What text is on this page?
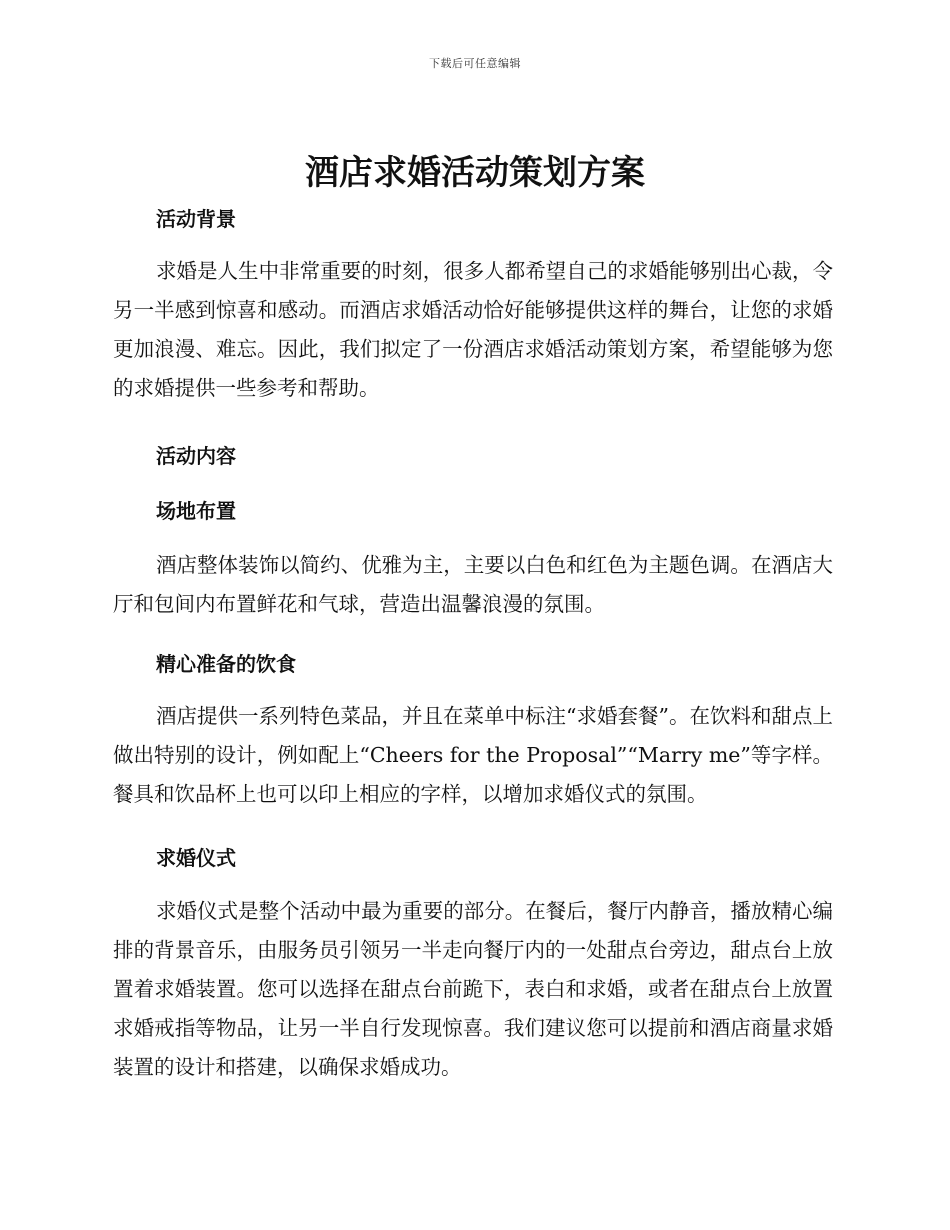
下载后可任意编辑
酒店求婚活动策划方案
活动背景

求婚是人生中非常重要的时刻，很多人都希望自己的求婚能够别出心裁，令另一半感到惊喜和感动。而酒店求婚活动恰好能够提供这样的舞台，让您的求婚更加浪漫、难忘。因此，我们拟定了一份酒店求婚活动策划方案，希望能够为您的求婚提供一些参考和帮助。

活动内容
场地布置

酒店整体装饰以简约、优雅为主，主要以白色和红色为主题色调。在酒店大厅和包间内布置鲜花和气球，营造出温馨浪漫的氛围。

精心准备的饮食

酒店提供一系列特色菜品，并且在菜单中标注“求婚套餐”。在饮料和甜点上做出特别的设计，例如配上“Cheers for the Proposal”“Marry me”等字样。餐具和饮品杯上也可以印上相应的字样，以增加求婚仪式的氛围。

求婚仪式

求婚仪式是整个活动中最为重要的部分。在餐后，餐厅内静音，播放精心编排的背景音乐，由服务员引领另一半走向餐厅内的一处甜点台旁边，甜点台上放置着求婚装置。您可以选择在甜点台前跪下，表白和求婚，或者在甜点台上放置求婚戒指等物品，让另一半自行发现惊喜。我们建议您可以提前和酒店商量求婚装置的设计和搭建，以确保求婚成功。
